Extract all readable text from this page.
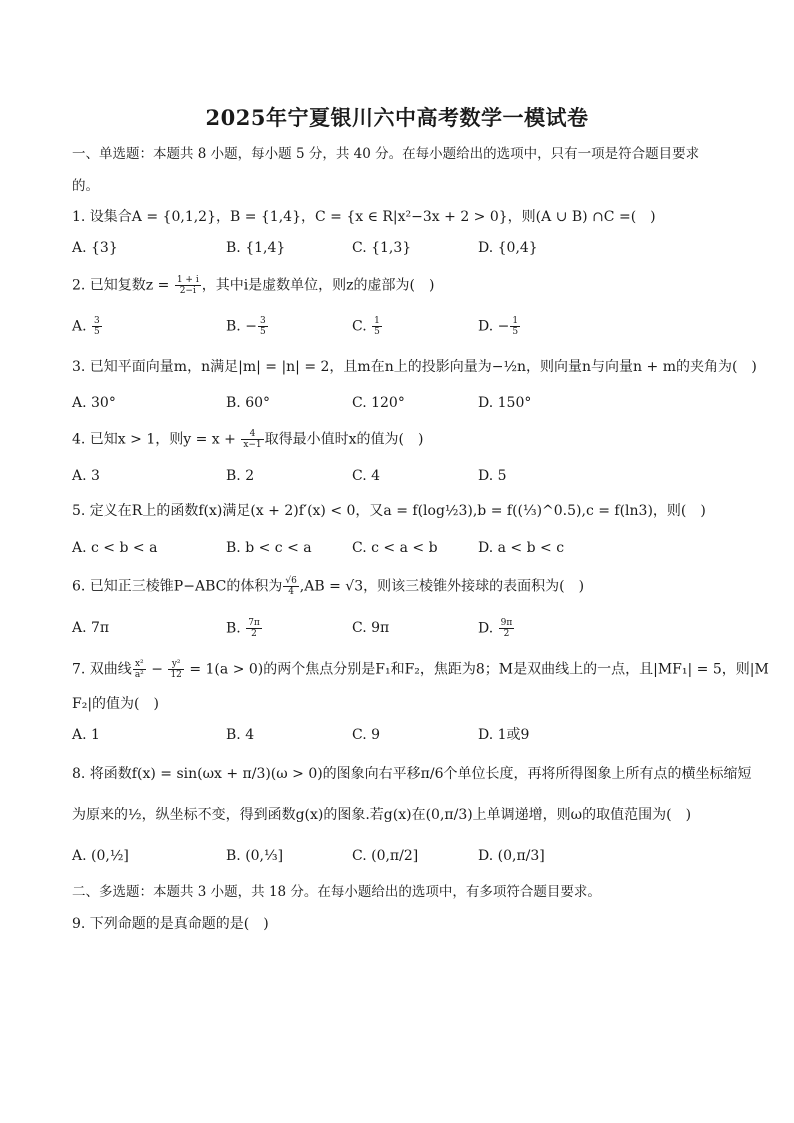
2025年宁夏银川六中高考数学一模试卷
一、单选题：本题共 8 小题，每小题 5 分，共 40 分。在每小题给出的选项中，只有一项是符合题目要求
的。
1. 设集合A = {0,1,2}，B = {1,4}，C = {x ∈ R|x²−3x + 2 > 0}，则(A ∪ B) ∩C =(　)
A. {3}	B. {1,4}	C. {1,3}	D. {0,4}
2. 已知复数$z = \frac{1 + i}{2-i}$ ，其中i是虚数单位，则z的虚部为(　)
A. $\frac{3}{5}$	B. − $\frac{3}{5}$	C. $\frac{1}{5}$	D. − $\frac{1}{5}$
3. 已知平面向量m，n满足|m| = |n| = 2，且m在n上的投影向量为−½n，则向量n与向量n + m的夹角为(　)
A. 30°	B. 60°	C. 120°	D. 150°
4. 已知x > 1，则$y = x + \frac{4}{x-1}$ 取得最小值时x的值为(　)
A. 3	B. 2	C. 4	D. 5
5. 定义在R上的函数f(x)满足(x + 2)f′(x) < 0，又a = f(log½3),b = f((⅓)^0.5),c = f(ln3)，则(　)
A. c < b < a	B. b < c < a	C. c < a < b	D. a < b < c
6. 已知正三棱锥P−ABC的体积为 $\frac{√6}{4} ,AB = √3$，则该三棱锥外接球的表面积为(　)
A. 7π	B. $\frac{7\pi}{2}$	C. 9π	D. $\frac{9\pi}{2}$
7. 双曲线 $\frac{\text{x²}}{\text{a²}} - \frac{\text{y²}}{12} = 1(a > 0)$的两个焦点分别是F₁和F₂，焦距为8；M是双曲线上的一点，且|MF₁| = 5，则|M
F₂|的值为(　)
A. 1	B. 4	C. 9	D. 1或9
8. 将函数f(x) = sin(ωx + π/3)(ω > 0)的图象向右平移π/6个单位长度，再将所得图象上所有点的横坐标缩短
为原来的½，纵坐标不变，得到函数g(x)的图象.若g(x)在(0,π/3)上单调递增，则ω的取值范围为(　)
A. (0,½]	B. (0,⅓]	C. (0,π/2]	D. (0,π/3]
二、多选题：本题共 3 小题，共 18 分。在每小题给出的选项中，有多项符合题目要求。
9. 下列命题的是真命题的是(　)
